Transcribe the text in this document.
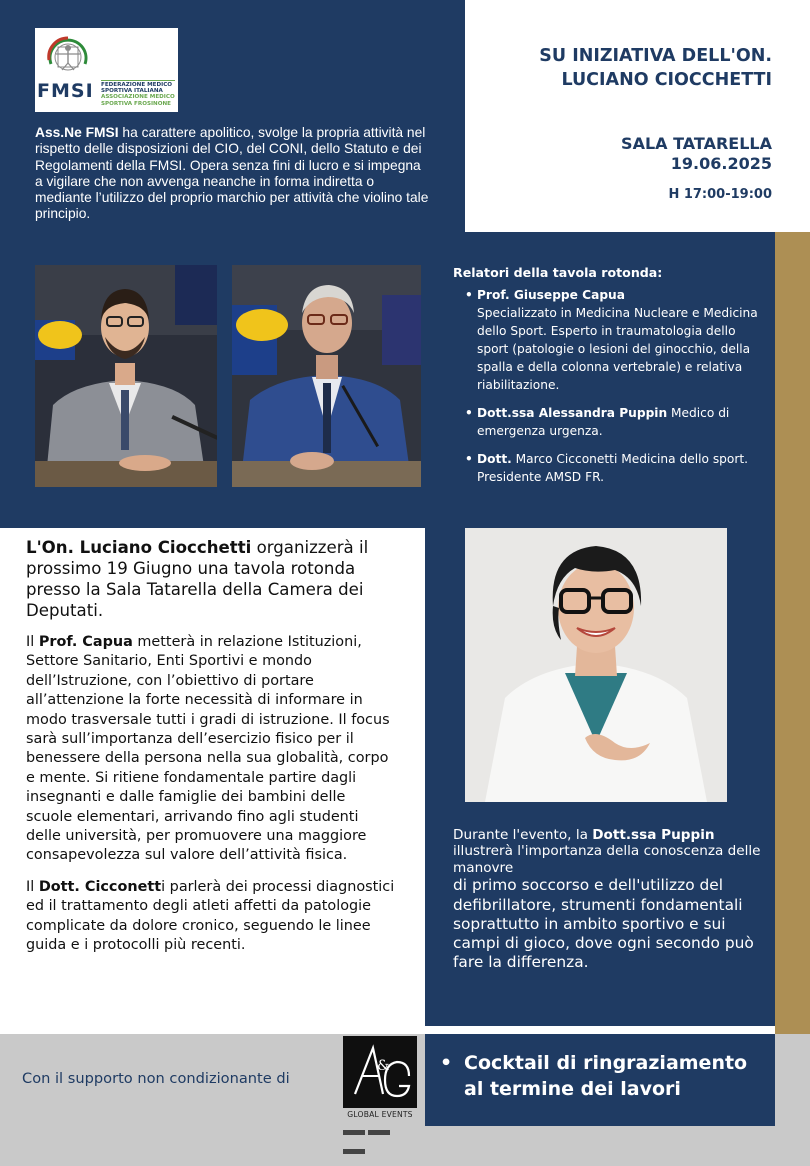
FMSI FEDERAZIONE MEDICO
SPORTIVA ITALIANA
ASSOCIAZIONE MEDICO
SPORTIVA FROSINONE
Ass.Ne FMSI ha carattere apolitico, svolge la propria attività nel rispetto delle disposizioni del CIO, del CONI, dello Statuto e dei Regolamenti della FMSI. Opera senza fini di lucro e si impegna a vigilare che non avvenga neanche in forma indiretta o mediante l’utilizzo del proprio marchio per attività che violino tale principio.
SU INIZIATIVA DELL'ON.
LUCIANO CIOCCHETTI
SALA TATARELLA
19.06.2025
H 17:00-19:00
Relatori della tavola rotonda:
• Prof. Giuseppe Capua
Specializzato in Medicina Nucleare e Medicina dello Sport. Esperto in traumatologia dello sport (patologie o lesioni del ginocchio, della spalla e della colonna vertebrale) e relativa riabilitazione.
• Dott.ssa Alessandra Puppin Medico di emergenza urgenza.
• Dott. Marco Cicconetti Medicina dello sport. Presidente AMSD FR.

L'On. Luciano Ciocchetti organizzerà il prossimo 19 Giugno una tavola rotonda presso la Sala Tatarella della Camera dei Deputati.

Il Prof. Capua metterà in relazione Istituzioni, Settore Sanitario, Enti Sportivi e mondo dell’Istruzione, con l’obiettivo di portare all’attenzione la forte necessità di informare in modo trasversale tutti i gradi di istruzione. Il focus sarà sull’importanza dell’esercizio fisico per il benessere della persona nella sua globalità, corpo e mente. Si ritiene fondamentale partire dagli insegnanti e dalle famiglie dei bambini delle scuole elementari, arrivando fino agli studenti delle università, per promuovere una maggiore consapevolezza sul valore dell’attività fisica.

Il Dott. Cicconetti parlerà dei processi diagnostici ed il trattamento degli atleti affetti da patologie complicate da dolore cronico, seguendo le linee guida e i protocolli più recenti.

Durante l'evento, la Dott.ssa Puppin illustrerà l'importanza della conoscenza delle manovre
di primo soccorso e dell'utilizzo del defibrillatore, strumenti fondamentali soprattutto in ambito sportivo e sui campi di gioco, dove ogni secondo può fare la differenza.
Con il supporto non condizionante di
&
GLOBAL EVENTS
• Cocktail di ringraziamento al termine dei lavori
